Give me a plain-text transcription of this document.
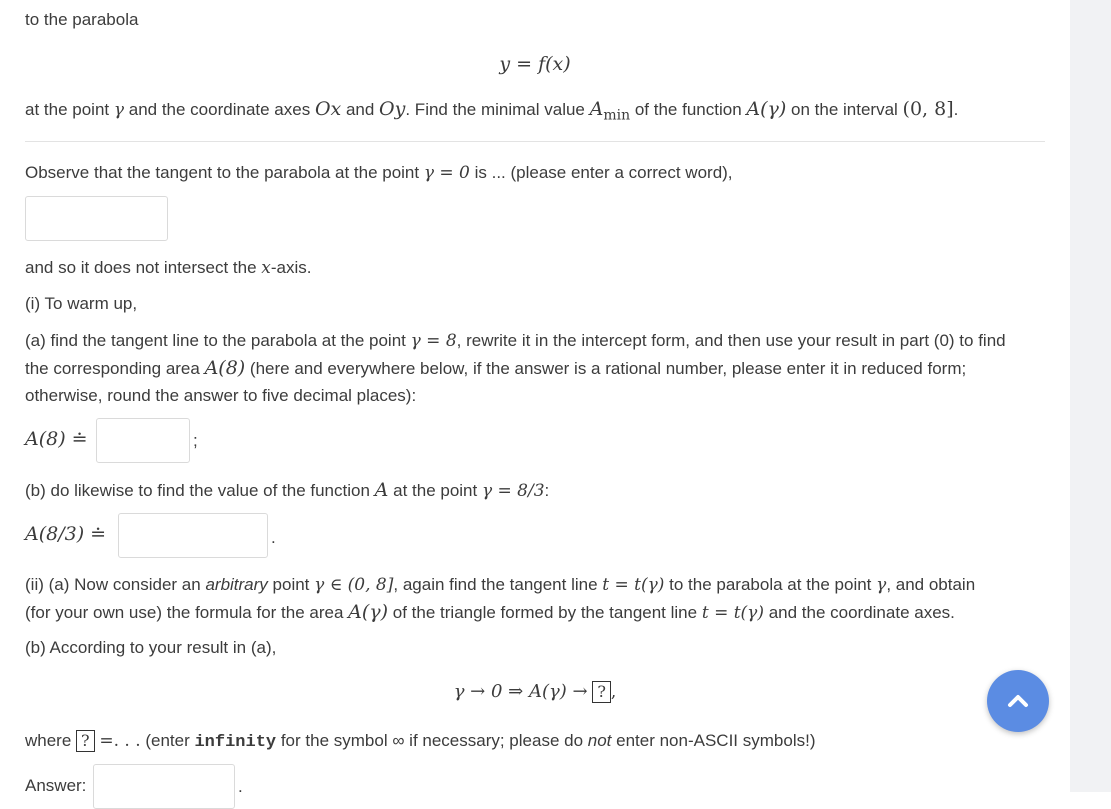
to the parabola
y = f(x)
at the point γ and the coordinate axes Ox and Oy. Find the minimal value $A_{min}$ of the function A(γ) on the interval (0, 8].
Observe that the tangent to the parabola at the point γ = 0 is ... (please enter a correct word),
and so it does not intersect the x-axis.
(i) To warm up,
(a) find the tangent line to the parabola at the point γ = 8, rewrite it in the intercept form, and then use your result in part (0) to find
the corresponding area A(8) (here and everywhere below, if the answer is a rational number, please enter it in reduced form;
otherwise, round the answer to five decimal places):
A(8) ≐	;
(b) do likewise to find the value of the function A at the point γ = 8/3:
A(8/3) ≐	.
(ii) (a) Now consider an arbitrary point γ ∈ (0, 8], again find the tangent line t = t(γ) to the parabola at the point γ, and obtain
(for your own use) the formula for the area A(γ) of the triangle formed by the tangent line t = t(γ) and the coordinate axes.
(b) According to your result in (a),
γ → 0 ⇒ A(γ) → ? ,
where ? =. . . (enter infinity for the symbol ∞ if necessary; please do not enter non-ASCII symbols!)
Answer:	.
